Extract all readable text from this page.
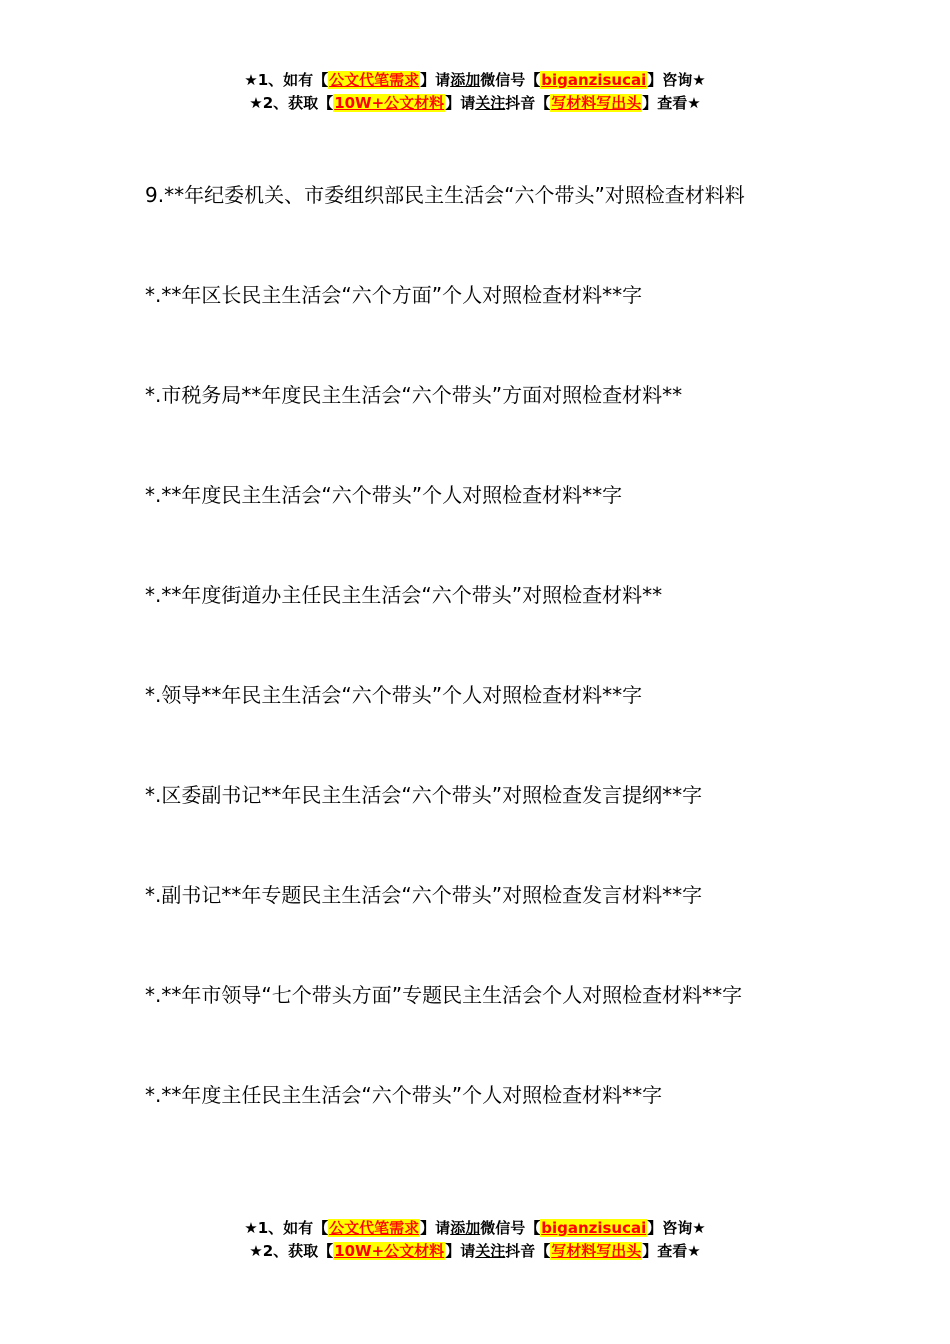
★1、如有【公文代笔需求】请添加微信号【biganzisucai】咨询★
★2、获取【10W+公文材料】请关注抖音【写材料写出头】查看★
9.**年纪委机关、市委组织部民主生活会“六个带头”对照检查材料料
*.**年区长民主生活会“六个方面”个人对照检查材料**字
*.市税务局**年度民主生活会“六个带头”方面对照检查材料**
*.**年度民主生活会“六个带头”个人对照检查材料**字
*.**年度街道办主任民主生活会“六个带头”对照检查材料**
*.领导**年民主生活会“六个带头”个人对照检查材料**字
*.区委副书记**年民主生活会“六个带头”对照检查发言提纲**字
*.副书记**年专题民主生活会“六个带头”对照检查发言材料**字
*.**年市领导“七个带头方面”专题民主生活会个人对照检查材料**字
*.**年度主任民主生活会“六个带头”个人对照检查材料**字
★1、如有【公文代笔需求】请添加微信号【biganzisucai】咨询★
★2、获取【10W+公文材料】请关注抖音【写材料写出头】查看★
